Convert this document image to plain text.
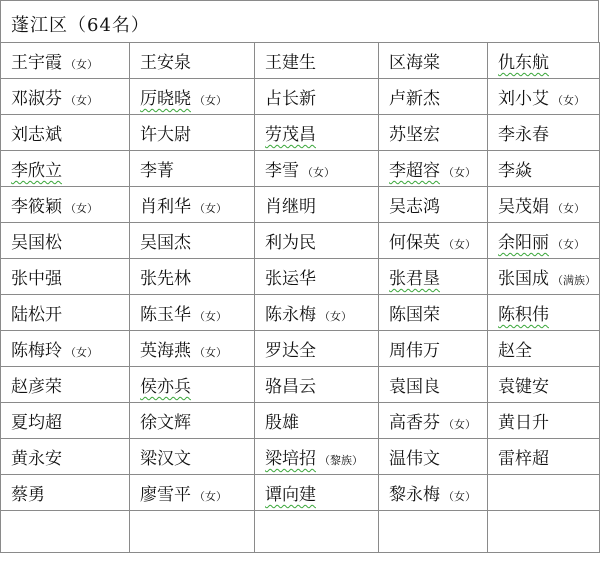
蓬江区（64名）
王宇霞 （女）	王安泉	王建生	区海棠	仇东航
邓淑芬 （女）	厉晓晓 （女）	占长新	卢新杰	刘小艾 （女）
刘志斌	许大尉	劳茂昌	苏坚宏	李永春
李欣立	李菁	李雪 （女）	李超容 （女）	李焱
李筱颖 （女）	肖利华 （女）	肖继明	吴志鸿	吴茂娟 （女）
吴国松	吴国杰	利为民	何保英 （女）	余阳丽 （女）
张中强	张先林	张运华	张君垦	张国成 （满族）
陆松开	陈玉华 （女）	陈永梅 （女）	陈国荣	陈积伟
陈梅玲 （女）	英海燕 （女）	罗达全	周伟万	赵全
赵彦荣	侯亦兵	骆昌云	袁国良	袁键安
夏均超	徐文辉	殷雄	高香芬 （女）	黄日升
黄永安	梁汉文	梁培招 （黎族）	温伟文	雷梓超
蔡勇	廖雪平 （女）	谭向建	黎永梅 （女）	
